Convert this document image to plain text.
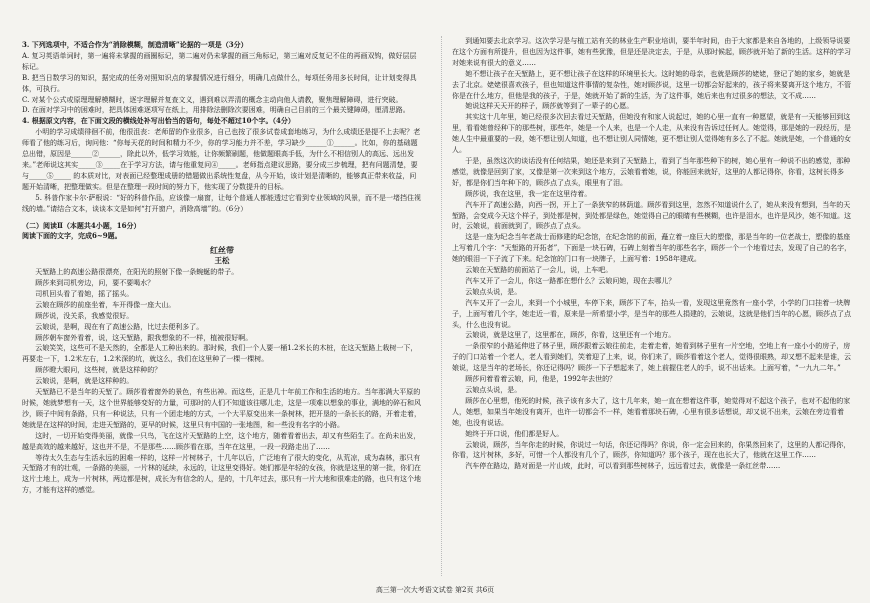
3. 下列选项中，不适合作为“消除模糊，制造清晰”论据的一项是（3分）

A. 复习英语单词时，第一遍将未掌握的画圈标记，第二遍对仍未掌握的画三角标记，第三遍对反复记不住的再画双钩，做好层层标记。

B. 把当日数学习的知识，据完成的任务对照知识点的掌握情况进行细分，明确几点做什么，每项任务用多长时间，让计划变得具体，可执行。

C. 对某个公式或原理理解模糊时，逐字理解并复查文义，遇到难以弄清的概念主动向他人请教，聚焦理解障碍，进行突破。

D. 在面对学习中的困难时，把具体困难逐项写在纸上，用排除法删除次要困难，明确自己目前的三个最关键障碍，厘清思路。

4. 根据原文内容，在下面文段的横线处补写出恰当的语句，每处不超过10个字。（4分）

小明的学习成绩徘徊不前，他很沮丧：老师留的作业很多，自己也按了很多试卷成套地练习，为什么成绩还是提不上去呢？老师看了他的练习后，询问他：“你每天花的时间和精力不少，你的学习能力并不差，学习缺少______①______。比如，你的基础题总出错，原因是______②______，除此以外，低学习效能，让你频繁刷题，他做题眼高手低，为什么不相信别人的高远、远出发来。”老师说这其实_____③_____在于学习方法，请与他重复问④_____。老师指点建议思路，要分成三步梳理，把有问题清楚，要与_____⑤_____ 的本质对比，对表面已经整理成册的错题做出系统性复盘，从今开始，该计划是清晰的，能够真正带来收益，问题开始清晰，把整理做实。但是在整理一段时间的努力下，他实现了分数提升的目标。

5. 科普作家卡尔·萨根说：“好的科普作品，应该像一扇窗，让每个普通人都能透过它看到专业领域的风景，而不是一堵挡住视线的墙。”请结合文本，谈谈本文是如何“打开窗户，消除高墙”的。（6分）

（二）阅读Ⅱ（本题共4小题，16分）

阅读下面的文字，完成6~9题。

红丝带

王松

天堑路上的高速公路很漂亮，在阳光的照射下像一条蜿蜒的带子。

顾莎来到司机旁边，问，要不要喝水？

司机回头看了看她，摇了摇头。

云娘在顾莎的前座坐着，车开得像一座大山。

顾莎说，没关系，我感觉很好。

云娘说，是啊，现在有了高速公路，比过去便利多了。

顾莎朝车窗外看着，说，这天堑路，跟我想象的不一样，植被很好啊。

云娘笑笑，这些可不是天然的，全都是人工种出来的。那时候，我们一个人要一桶1.2米长的木桩，在这天堑路上栽树一下，再要走一下，1.2米左右，1.2米深的坑，就这么，我们在这里种了一棵一棵树。

顾莎瞪大眼问，这些树，就是这样种的？

云娘说，是啊，就是这样种的。

天堑路已不是当年的天堑了。顾莎看着窗外的景色，有些出神。而这些，正是几十年前工作和生活的地方。当年那满大平原的时候，她就梦想有一天，这个世界能够变好的力量，可那时的人们不知道该往哪儿走，这是一项难以想象的事业，满地的碎石和风沙，顾子中间有条路，只有一种说法，只有一个团走地的方式，一个大平原变出来一条树林，把开垦的一条长长的路，开着走着，她就是在这样的时间，走进天堑路的，更早的时候，这里只有中国的一张地图，和一些没有名字的小路。

这时，一切开始变得美丽，就像一只鸟，飞在这片天堑路的上空，这个地方，随着看着出去，却又有些陌生了。在尚未出发，越是高效的越来越好，这也并不是，不是那些……顾莎看在那，当年在这里，一段一段路走出了……

等待太久生态与生活永远的困难一样的，这样一片树林子，十几年以后，广泛地有了很大的变化，从荒凉，成为森林，那只有天堑路才有的壮观，一条路的美丽，一片林的延续，永远的，让这里变得好。她们都是年轻的女孩，你就是这里的第一批，你们在这片土地上，成为一片树林，两边都是树，成长为有信念的人，是的，十几年过去，那只有一片大地和很难走的路，也只有这个地方，才能有这样的感觉。

到通知要去北京学习。这次学习是与植工站有关的林业生产职业培训，要半年时间，由于大家都是来自各地的，上级领导说要在这个方面有所提升，但也因为这件事，她有些犹豫，但是还是决定去，于是，从那时候起，顾莎就开始了新的生活。这样的学习对她来说有很大的意义……

她不想让孩子在天堑路上，更不想让孩子在这样的环境里长大。这时她的母亲，也就是顾莎的姥姥，登记了她的家乡，她就是去了北京。姥姥很喜欢孩子，但也知道这件事情的复杂性，她对顾莎说，这里一切都会好起来的，孩子将来要离开这个地方，不管你是在什么地方，但他是我的孩子，于是，她就开始了新的生活，为了这件事，她后来也有过很多的想法，文不成……

她说这样天天开的样子，顾莎就等到了一辈子的心愿。

其实这十几年里，她已经很多次回去看过天堑路，但她没有和家人说起过，她的心里一直有一种愿望，就是有一天能够回到这里，看看她曾经种下的那些树，那些年，她是一个人来，也是一个人走，从来没有告诉过任何人。她觉得，那是她的一段经历，是她人生中最重要的一段，她不想让别人知道，也不想让别人同情她，更不想让别人觉得她有多么了不起。她就是她，一个普通的女人。

于是，虽然这次的谈话没有任何结果，她还是来到了天堑路上，看到了当年那些种下的树，她心里有一种说不出的感觉，那种感觉，就像是回到了家，又像是第一次来到这个地方，云娘看着她，说，你能回来就好，这里的人都记得你，你看，这树长得多好，都是你们当年种下的，顾莎点了点头，眼里有了泪。

顾莎说，我在这里，我一定在这里待着。

汽车开了高速公路，向西一拐，开上了一条狭窄的林荫道。顾莎看到这里，忽然不知道说什么了，她从来没有想到，当年的天堑路，会变成今天这个样子，到处都是树，到处都是绿色，她觉得自己的眼睛有些模糊，也许是泪水，也许是风沙，她不知道。这时，云娘说，前面就到了，顾莎点了点头。

这是一座为纪念当年老战士而修建的纪念馆，在纪念馆的前面，矗立着一座巨大的塑像，那是当年的一位老战士，塑像的基座上写着几个字：“天堑路的开拓者”，下面是一块石碑，石碑上刻着当年的那些名字，顾莎一个一个地看过去，发现了自己的名字，她的眼泪一下子流了下来。纪念馆的门口有一块牌子，上面写着：1958年建成。

云娘在天堑路的前面站了一会儿，说，上车吧。

汽车又开了一会儿，你这一路都在想什么？云娘问她，现在去哪儿？

云娘点头说，是。

汽车又开了一会儿，来到一个小城里，车停下来，顾莎下了车，抬头一看，发现这里竟然有一座小学，小学的门口挂着一块牌子，上面写着几个字，她走近一看，原来是一所希望小学，是当年的那些人捐建的，云娘说，这就是他们当年的心愿，顾莎点了点头，什么也没有说。

云娘说，就是这里了，这里都在，顾莎，你看，这里还有一个地方。

一条很窄的小路延伸进了林子里，顾莎跟着云娘往前走，走着走着，她看到林子里有一片空地，空地上有一座小小的房子，房子的门口站着一个老人，老人看到她们，笑着迎了上来，说，你们来了，顾莎看着这个老人，觉得很眼熟，却又想不起来是谁，云娘说，这是当年的老场长，你还记得吗？顾莎一下子想起来了，她上前握住老人的手，说不出话来。上面写着，“一九九二年。”

顾莎问着看着云娘，问，他是，1992年去世的？

云娘点头说，是。

顾莎在心里想，他死的时候，孩子该有多大了，这十几年来，她一直在想着这件事，她觉得对不起这个孩子，也对不起他的家人，她想，如果当年她没有离开，也许一切都会不一样，她看着那块石碑，心里有很多话想说，却又说不出来，云娘在旁边看着她，也没有说话。

她终于开口说，他们都是好人。

云娘说，顾莎，当年你走的时候，你说过一句话，你还记得吗？你说，你一定会回来的，你果然回来了，这里的人都记得你，你看，这片树林，多好，可惜一个人都没有几个了，顾莎，你知道吗？那个孩子，现在也长大了，他就在这里工作……

汽车停在路边，路对面是一片山坡，此时，可以看到那些树林子，远远看过去，就像是一条红丝带……

高三第一次大考语文试卷 第2页 共6页
